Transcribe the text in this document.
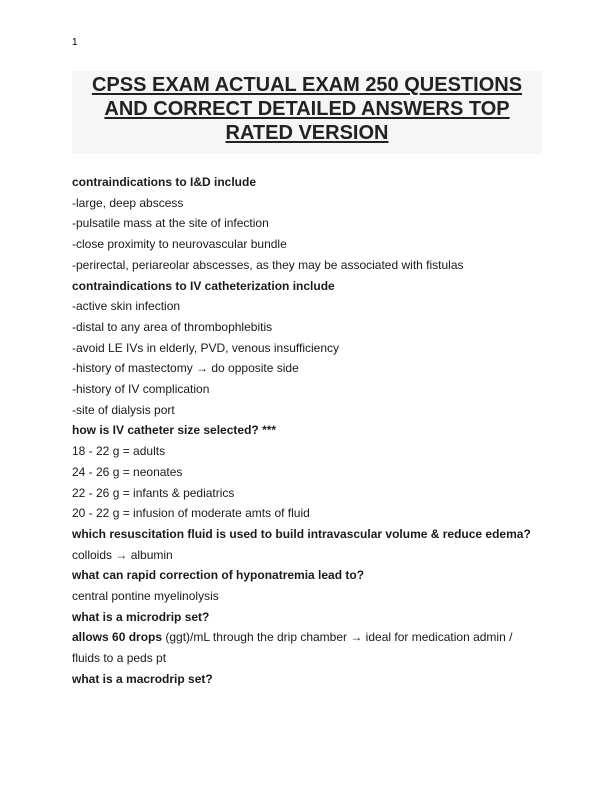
1
CPSS EXAM ACTUAL EXAM 250 QUESTIONS
AND CORRECT DETAILED ANSWERS TOP
RATED VERSION
contraindications to I&D include
-large, deep abscess
-pulsatile mass at the site of infection
-close proximity to neurovascular bundle
-perirectal, periareolar abscesses, as they may be associated with fistulas
contraindications to IV catheterization include
-active skin infection
-distal to any area of thrombophlebitis
-avoid LE IVs in elderly, PVD, venous insufficiency
-history of mastectomy → do opposite side
-history of IV complication
-site of dialysis port
how is IV catheter size selected? ***
18 - 22 g = adults
24 - 26 g = neonates
22 - 26 g = infants & pediatrics
20 - 22 g = infusion of moderate amts of fluid
which resuscitation fluid is used to build intravascular volume & reduce edema?
colloids → albumin
what can rapid correction of hyponatremia lead to?
central pontine myelinolysis
what is a microdrip set?
allows 60 drops (ggt)/mL through the drip chamber → ideal for medication admin /
fluids to a peds pt
what is a macrodrip set?
